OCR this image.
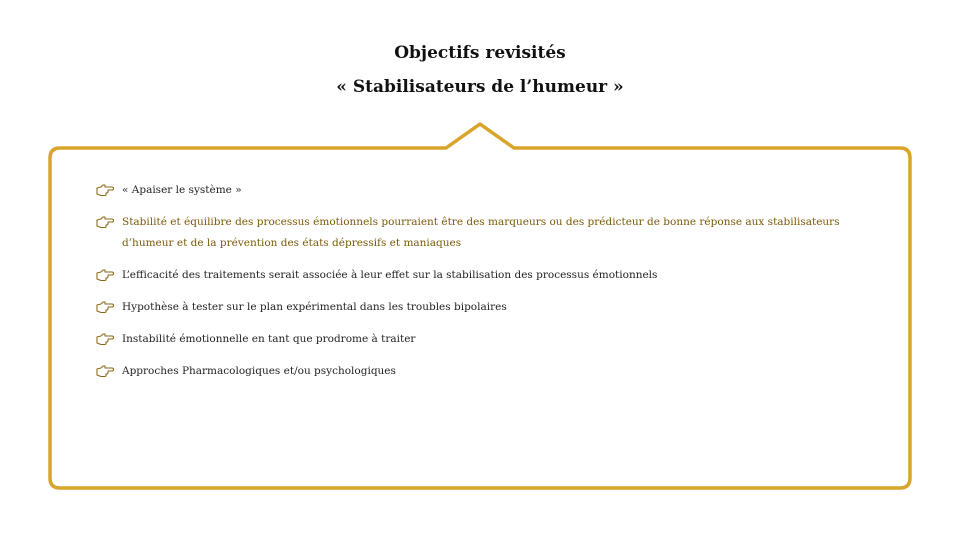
Objectifs revisités
« Stabilisateurs de l’humeur »
« Apaiser le système »
Stabilité et équilibre des processus émotionnels pourraient être des marqueurs ou des prédicteur de bonne réponse aux stabilisateurs d’humeur et de la prévention des états dépressifs et maniaques
L’efficacité des traitements serait associée à leur effet sur la stabilisation des processus émotionnels
Hypothèse à tester sur le plan expérimental dans les troubles bipolaires
Instabilité émotionnelle en tant que prodrome à traiter
Approches Pharmacologiques et/ou psychologiques
